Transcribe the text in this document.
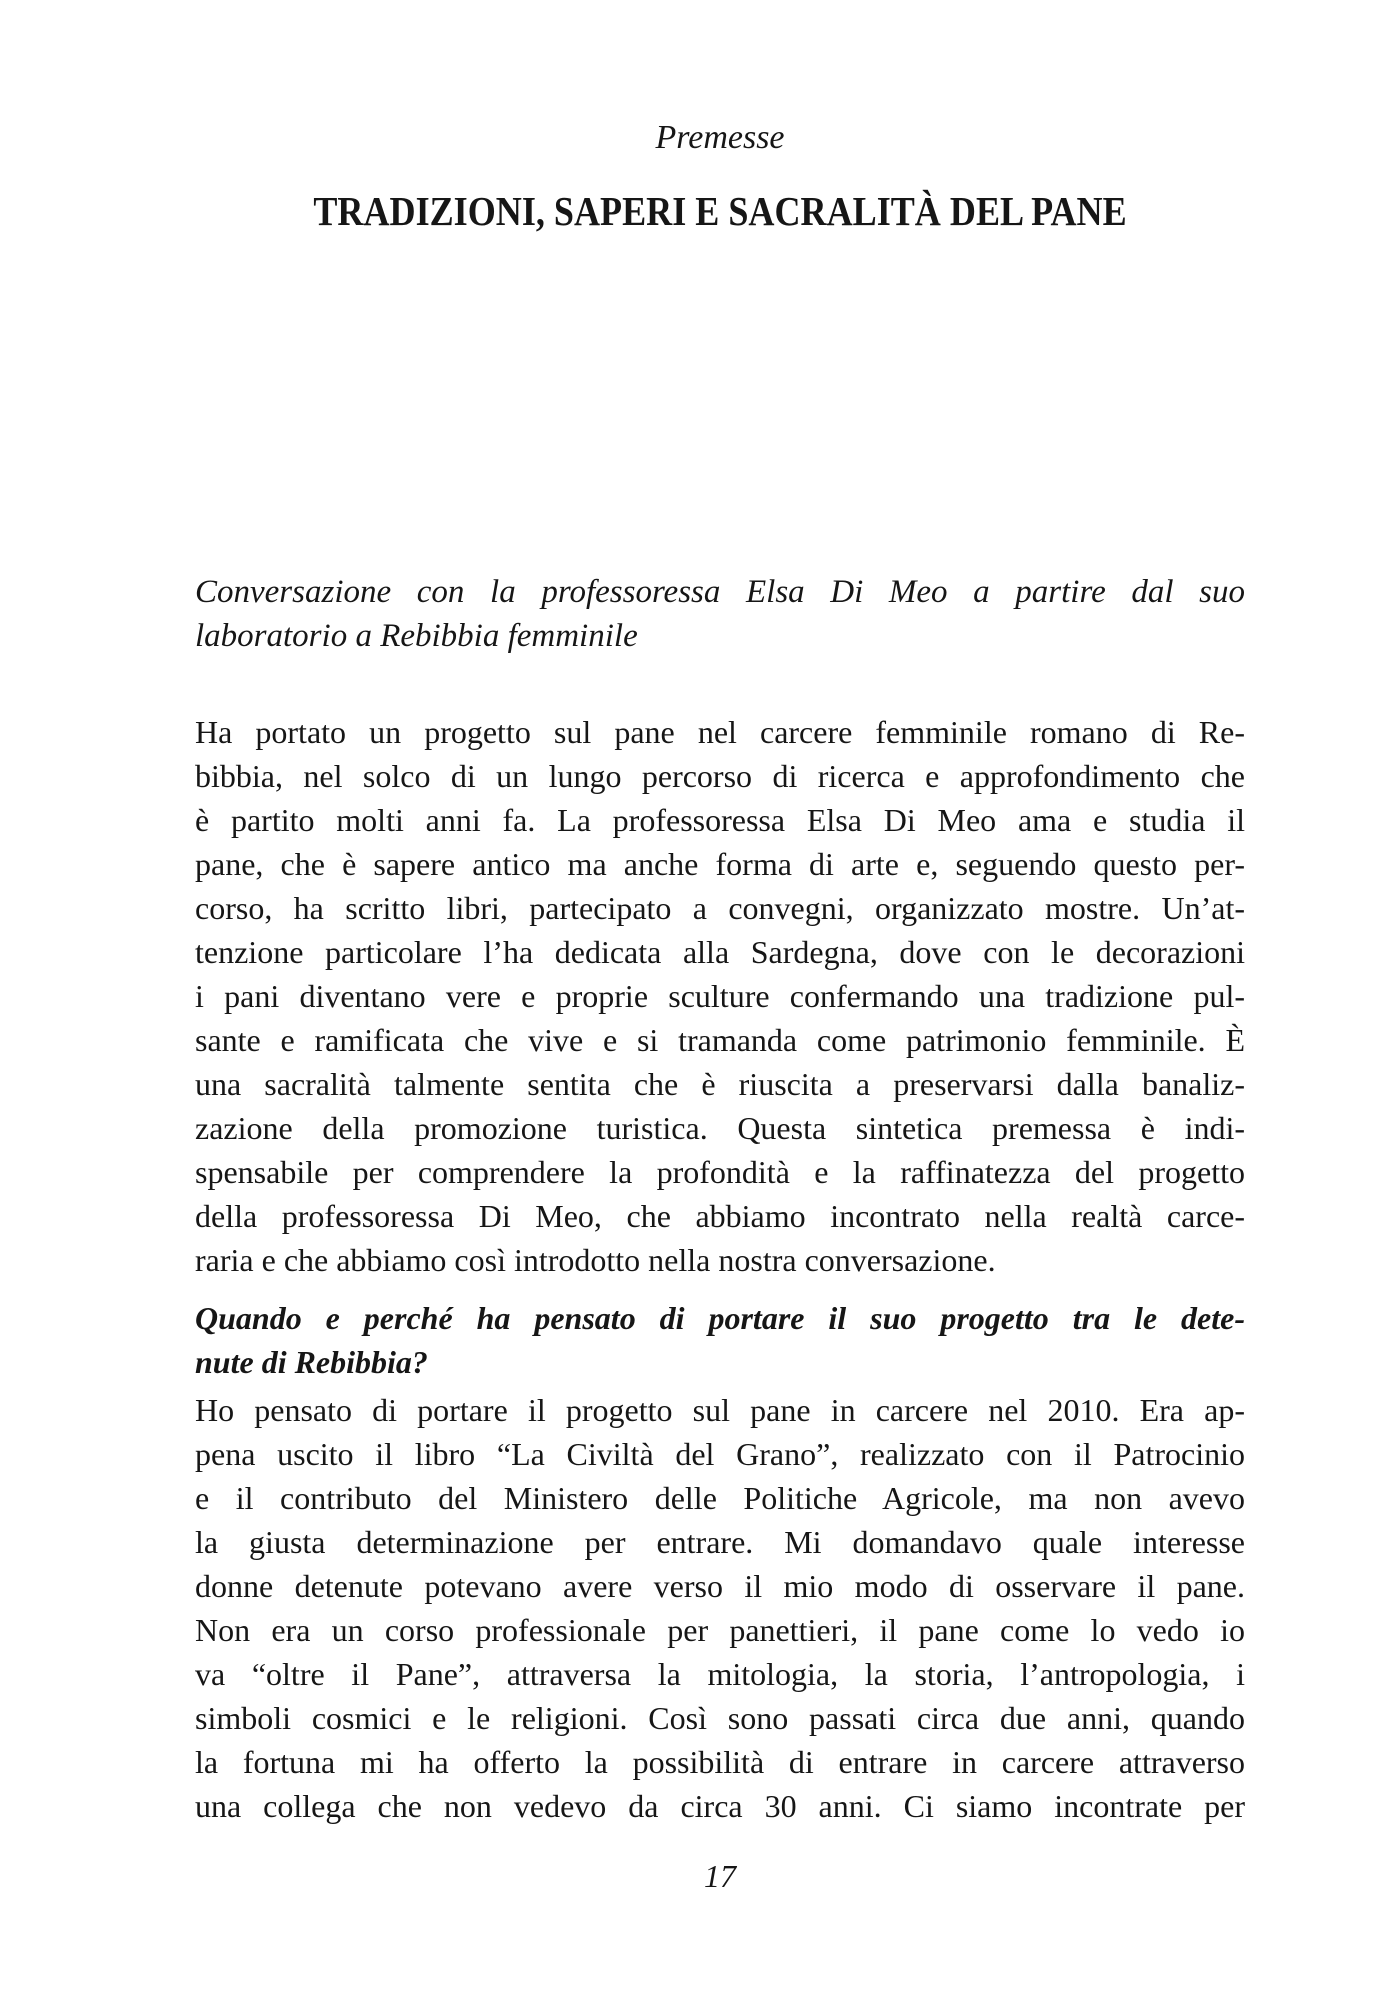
Premesse
TRADIZIONI, SAPERI E SACRALITÀ DEL PANE
Conversazione con la professoressa Elsa Di Meo a partire dal suo
laboratorio a Rebibbia femminile
Ha portato un progetto sul pane nel carcere femminile romano di Re-
bibbia, nel solco di un lungo percorso di ricerca e approfondimento che
è partito molti anni fa. La professoressa Elsa Di Meo ama e studia il
pane, che è sapere antico ma anche forma di arte e, seguendo questo per-
corso, ha scritto libri, partecipato a convegni, organizzato mostre. Un’at-
tenzione particolare l’ha dedicata alla Sardegna, dove con le decorazioni
i pani diventano vere e proprie sculture confermando una tradizione pul-
sante e ramificata che vive e si tramanda come patrimonio femminile. È
una sacralità talmente sentita che è riuscita a preservarsi dalla banaliz-
zazione della promozione turistica. Questa sintetica premessa è indi-
spensabile per comprendere la profondità e la raffinatezza del progetto
della professoressa Di Meo, che abbiamo incontrato nella realtà carce-
raria e che abbiamo così introdotto nella nostra conversazione.
Quando e perché ha pensato di portare il suo progetto tra le dete-
nute di Rebibbia?
Ho pensato di portare il progetto sul pane in carcere nel 2010. Era ap-
pena uscito il libro “La Civiltà del Grano”, realizzato con il Patrocinio
e il contributo del Ministero delle Politiche Agricole, ma non avevo
la giusta determinazione per entrare. Mi domandavo quale interesse
donne detenute potevano avere verso il mio modo di osservare il pane.
Non era un corso professionale per panettieri, il pane come lo vedo io
va “oltre il Pane”, attraversa la mitologia, la storia, l’antropologia, i
simboli cosmici e le religioni. Così sono passati circa due anni, quando
la fortuna mi ha offerto la possibilità di entrare in carcere attraverso
una collega che non vedevo da circa 30 anni. Ci siamo incontrate per
17
